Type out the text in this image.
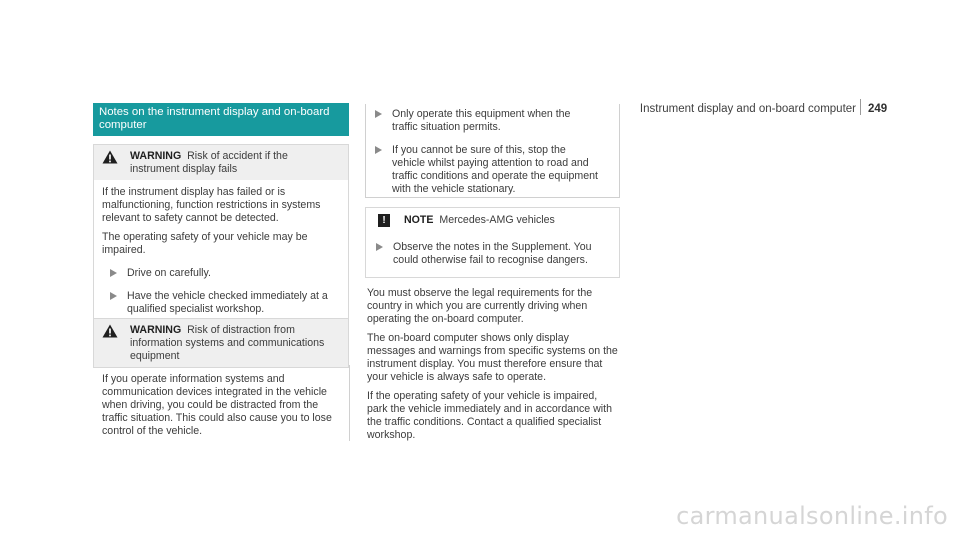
Instrument display and on-board computer 249
Notes on the instrument display and on-board computer
WARNING Risk of accident if the instrument display fails

If the instrument display has failed or is malfunctioning, function restrictions in systems relevant to safety cannot be detected.

The operating safety of your vehicle may be impaired.

Drive on carefully.
Have the vehicle checked immediately at a qualified specialist workshop.
WARNING Risk of distraction from information systems and communications equipment

If you operate information systems and communication devices integrated in the vehicle when driving, you could be distracted from the traffic situation. This could also cause you to lose control of the vehicle.

Only operate this equipment when the traffic situation permits.
If you cannot be sure of this, stop the vehicle whilst paying attention to road and traffic conditions and operate the equipment with the vehicle stationary.
!	NOTE Mercedes-AMG vehicles
Observe the notes in the Supplement. You could otherwise fail to recognise dangers.

You must observe the legal requirements for the country in which you are currently driving when operating the on-board computer.

The on-board computer shows only display messages and warnings from specific systems on the instrument display. You must therefore ensure that your vehicle is always safe to operate.

If the operating safety of your vehicle is impaired, park the vehicle immediately and in accordance with the traffic conditions. Contact a qualified specialist workshop.

carmanualsonline.info
